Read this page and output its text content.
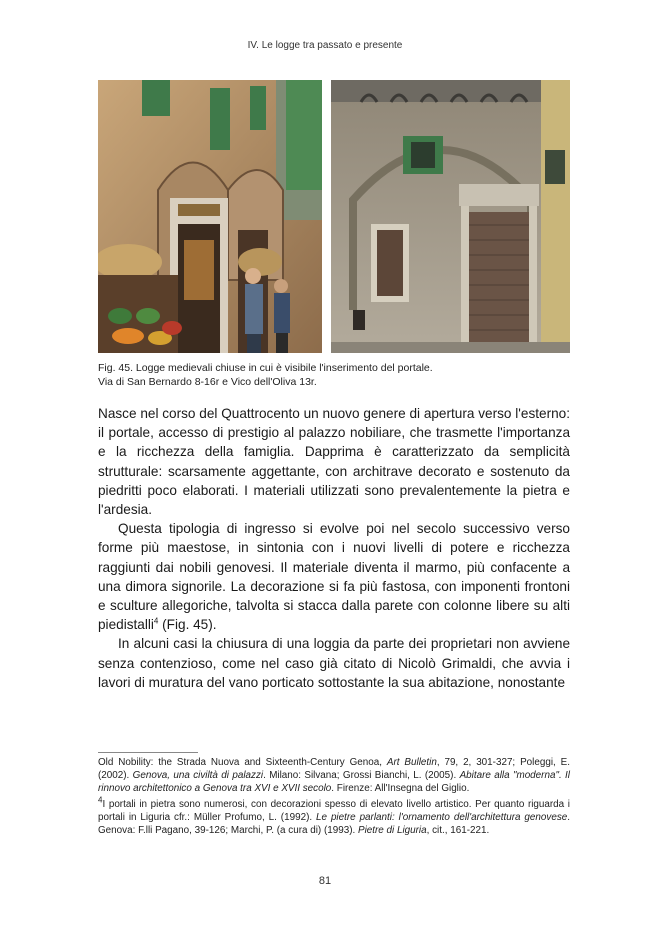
IV. Le logge tra passato e presente
Fig. 45. Logge medievali chiuse in cui è visibile l'inserimento del portale.
Via di San Bernardo 8-16r e Vico dell'Oliva 13r.

Nasce nel corso del Quattrocento un nuovo genere di apertura verso l'esterno: il portale, accesso di prestigio al palazzo nobiliare, che trasmette l'importanza e la ricchezza della famiglia. Dapprima è caratterizzato da semplicità strutturale: scarsamente aggettante, con architrave decorato e sostenuto da piedritti poco elaborati. I materiali utilizzati sono prevalentemente la pietra e l'ardesia.

Questa tipologia di ingresso si evolve poi nel secolo successivo verso forme più maestose, in sintonia con i nuovi livelli di potere e ricchezza raggiunti dai nobili genovesi. Il materiale diventa il marmo, più confacente a una dimora signorile. La decorazione si fa più fastosa, con imponenti frontoni e sculture allegoriche, talvolta si stacca dalla parete con colonne libere su alti piedistalli$^4$ (Fig. 45).

In alcuni casi la chiusura di una loggia da parte dei proprietari non avviene senza contenzioso, come nel caso già citato di Nicolò Grimaldi, che avvia i lavori di muratura del vano porticato sottostante la sua abitazione, nonostante

Old Nobility: the Strada Nuova and Sixteenth-Century Genoa, Art Bulletin, 79, 2, 301-327; Poleggi, E. (2002). Genova, una civiltà di palazzi. Milano: Silvana; Grossi Bianchi, L. (2005). Abitare alla "moderna". Il rinnovo architettonico a Genova tra XVI e XVII secolo. Firenze: All'Insegna del Giglio.

$^4$I portali in pietra sono numerosi, con decorazioni spesso di elevato livello artistico. Per quanto riguarda i portali in Liguria cfr.: Müller Profumo, L. (1992). Le pietre parlanti: l'ornamento dell'architettura genovese. Genova: F.lli Pagano, 39-126; Marchi, P. (a cura di) (1993). Pietre di Liguria, cit., 161-221.

81
